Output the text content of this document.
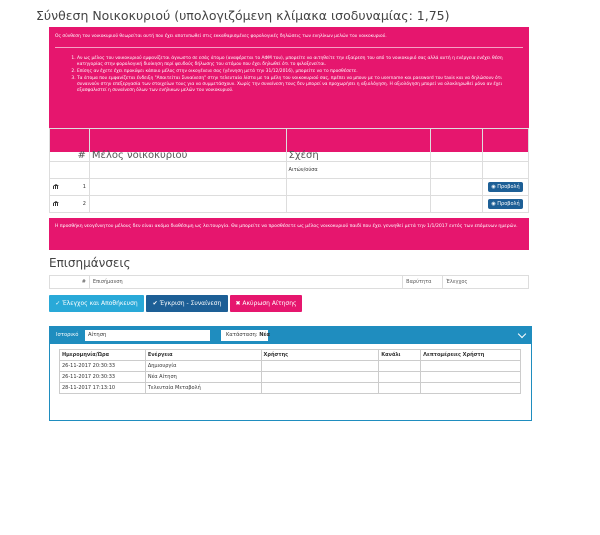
Σύνθεση Νοικοκυριού (υπολογιζόμενη κλίμακα ισοδυναμίας: 1,75)
Ος σύνθεση του νοικοκυριού θεωρείται αυτή που έχει αποτυπωθεί στις εκκαθαρισμένες φορολογικές δηλώσεις των ενηλίκων μελών του νοικοκυριού.
1. Αν ως μέλος του νοικοκυριού εμφανίζεται άγνωστο σε εσάς άτομο (αναφέρεται το ΑΦΜ του), μπορείτε να αιτηθείτε την εξαίρεση του από το νοικοκυριό σας αλλά αυτή η ενέργεια ενέχει θέση κατηγορίας στην φορολογική διοίκηση περί ψευδούς δήλωσης του ατόμου που έχει δηλωθεί ότι το φιλοξενείται.
2. Επίσης αν έχετε έχει προκύψει κάποιο μέλος στην οικογένεια σας (γέννηση μετά την 31/12/2016), μπορείτε να το προσθέσετε.
3. Τα άτομα που εμφανίζεται ένδειξη "Απαιτείται Συναίνεση" στην τελευταία λίστα με τα μέλη του νοικοκυριού σας, πρέπει να μπουν με το username και password του taxis και να δηλώσουν ότι συναινούν στην επεξεργασία των στοιχείων τους για να συμμετάσχουν. Χωρίς την συναίνεση τους δεν μπορεί να προχωρήσει η αξιολόγηση. Η αξιολόγηση μπορεί να ολοκληρωθεί μόνο αν έχει εξασφαλιστεί η συναίνεση όλων των ενήλικων μελών του νοικοκυριού.
#	Μέλος νοικοκυριού	Σχέση		
		Αιτών/ούσα		

1				◉ Προβολή

2				◉ Προβολή
Η προσθήκη νεογέννητου μέλους δεν είναι ακόμα διαθέσιμη ως λειτουργία. Θα μπορείτε να προσθέσετε ως μέλος νοικοκυριού παιδί που έχει γεννηθεί μετά την 1/1/2017 εντός των επόμενων ημερών.
Επισημάνσεις
#	Επισήμανση	Βαρύτητα	Έλεγχος
✓ Έλεγχος και Αποθήκευση	✔ Έγκριση - Συναίνεση	✖ Ακύρωση Αίτησης
Ιστορικό Αίτηση	Κατάσταση: Νέα
Ημερομηνία/Ώρα	Ενέργεια	Χρήστης	Κανάλι	Λεπτομέρειες Χρήστη
26-11-2017 20:30:33	Δημιουργία			
26-11-2017 20:30:33	Νέα Αίτηση			
28-11-2017 17:13:10	Τελευταία Μεταβολή			
